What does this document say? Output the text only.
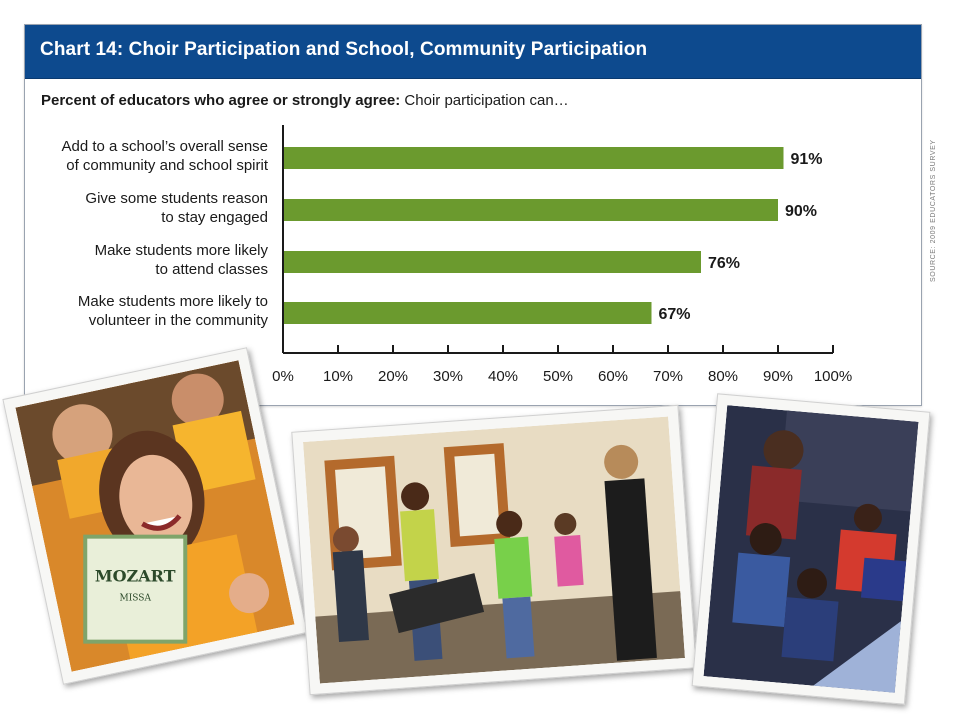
Chart 14: Choir Participation and School, Community Participation
Percent of educators who agree or strongly agree: Choir participation can…
SOURCE: 2009 EDUCATORS SURVEY
MOZART
MISSA
0% 10% 20% 30% 40% 50% 60% 70% 80% 90% 100%
91%
Add to a school’s overall sense
of community and school spirit
90%
Give some students reason
to stay engaged
76%
Make students more likely
to attend classes
67%
Make students more likely to
volunteer in the community
